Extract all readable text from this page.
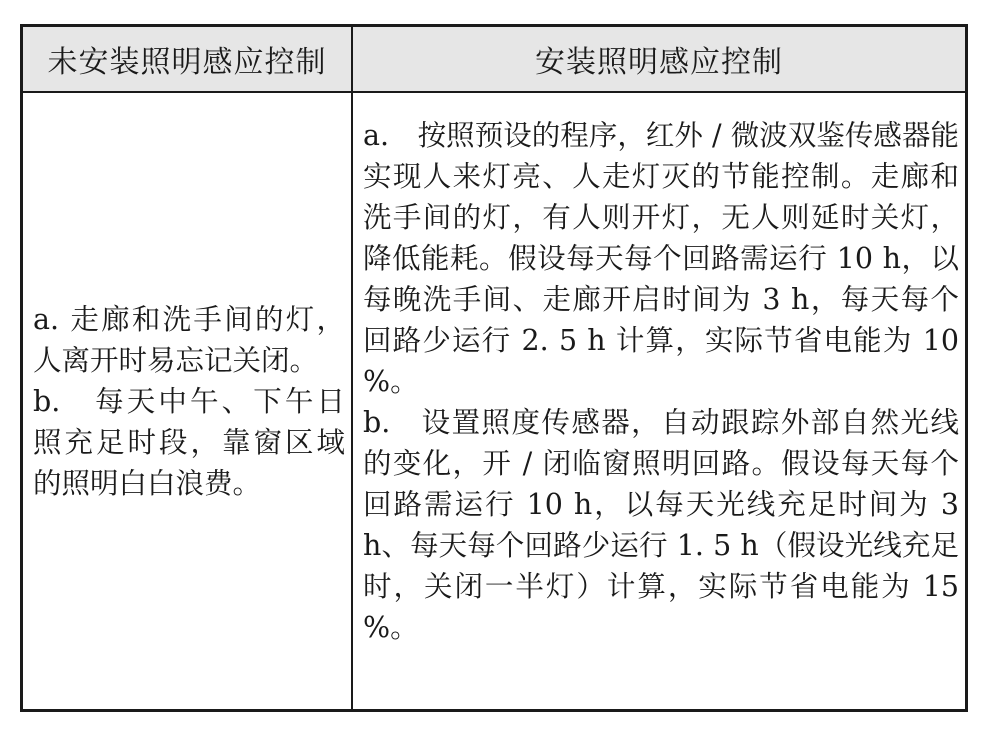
未安装照明感应控制	安装照明感应控制

a. 走廊和洗手间的灯，人离开时易忘记关闭。

b.　每天中午、下午日照充足时段，靠窗区域的照明白白浪费。

a.　按照预设的程序，红外 / 微波双鉴传感器能实现人来灯亮、人走灯灭的节能控制。走廊和洗手间的灯，有人则开灯，无人则延时关灯，降低能耗。假设每天每个回路需运行 10 h，以每晚洗手间、走廊开启时间为 3 h，每天每个回路少运行 2. 5 h 计算，实际节省电能为 10 %。

b.　设置照度传感器，自动跟踪外部自然光线的变化，开 / 闭临窗照明回路。假设每天每个回路需运行 10 h，以每天光线充足时间为 3 h、每天每个回路少运行 1. 5 h（假设光线充足时，关闭一半灯）计算，实际节省电能为 15 %。
